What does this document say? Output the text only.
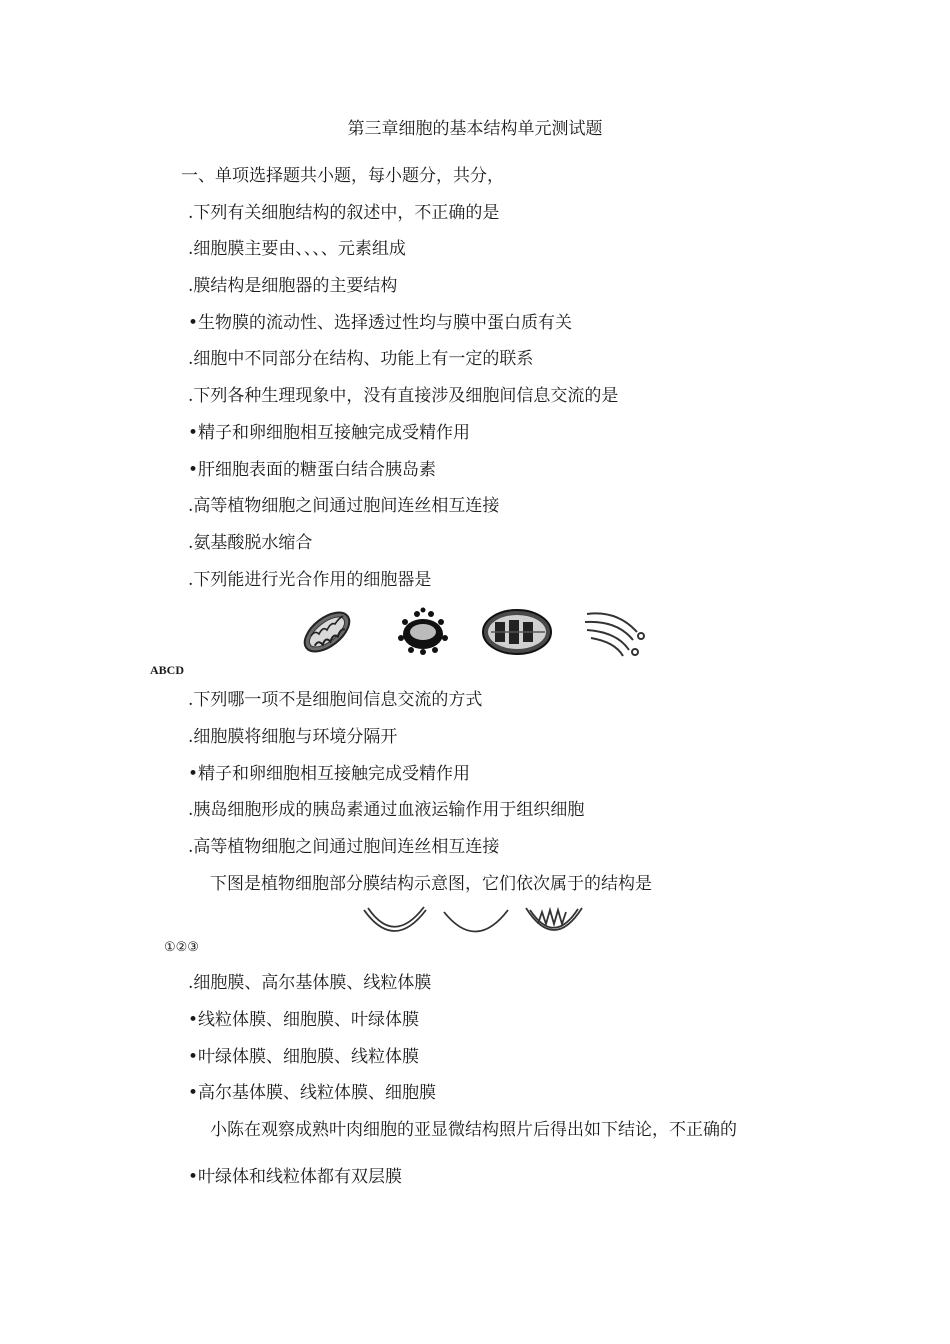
第三章细胞的基本结构单元测试题
一、单项选择题共小题，每小题分，共分，
.下列有关细胞结构的叙述中，不正确的是
.细胞膜主要由、、、、元素组成
.膜结构是细胞器的主要结构
•生物膜的流动性、选择透过性均与膜中蛋白质有关
.细胞中不同部分在结构、功能上有一定的联系
.下列各种生理现象中，没有直接涉及细胞间信息交流的是
•精子和卵细胞相互接触完成受精作用
•肝细胞表面的糖蛋白结合胰岛素
.高等植物细胞之间通过胞间连丝相互连接
.氨基酸脱水缩合
.下列能进行光合作用的细胞器是
ABCD
.下列哪一项不是细胞间信息交流的方式
.细胞膜将细胞与环境分隔开
•精子和卵细胞相互接触完成受精作用
.胰岛细胞形成的胰岛素通过血液运输作用于组织细胞
.高等植物细胞之间通过胞间连丝相互连接
下图是植物细胞部分膜结构示意图，它们依次属于的结构是
①②③
.细胞膜、高尔基体膜、线粒体膜
•线粒体膜、细胞膜、叶绿体膜
•叶绿体膜、细胞膜、线粒体膜
•高尔基体膜、线粒体膜、细胞膜
小陈在观察成熟叶肉细胞的亚显微结构照片后得出如下结论，不正确的
•叶绿体和线粒体都有双层膜
